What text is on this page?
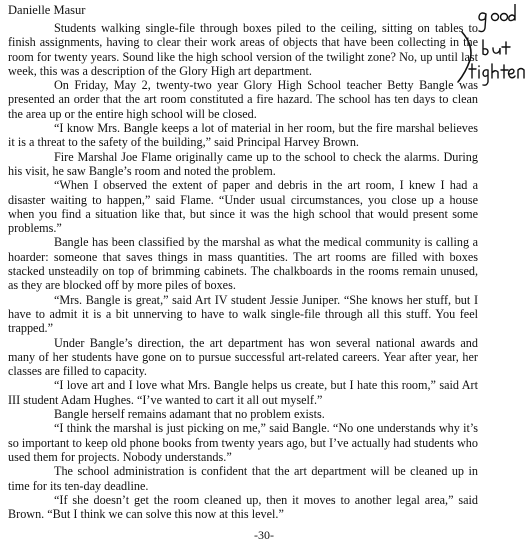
Danielle Masur

Students walking single-file through boxes piled to the ceiling, sitting on tables to finish assignments, having to clear their work areas of objects that have been collecting in the room for twenty years. Sound like the high school version of the twilight zone? No, up until last week, this was a description of the Glory High art department.

On Friday, May 2, twenty-two year Glory High School teacher Betty Bangle was presented an order that the art room constituted a fire hazard. The school has ten days to clean the area up or the entire high school will be closed.

“I know Mrs. Bangle keeps a lot of material in her room, but the fire marshal believes it is a threat to the safety of the building,” said Principal Harvey Brown.

Fire Marshal Joe Flame originally came up to the school to check the alarms. During his visit, he saw Bangle’s room and noted the problem.

“When I observed the extent of paper and debris in the art room, I knew I had a disaster waiting to happen,” said Flame. “Under usual circumstances, you close up a house when you find a situation like that, but since it was the high school that would present some problems.”

Bangle has been classified by the marshal as what the medical community is calling a hoarder: someone that saves things in mass quantities. The art rooms are filled with boxes stacked unsteadily on top of brimming cabinets. The chalkboards in the rooms remain unused, as they are blocked off by more piles of boxes.

“Mrs. Bangle is great,” said Art IV student Jessie Juniper. “She knows her stuff, but I have to admit it is a bit unnerving to have to walk single-file through all this stuff. You feel trapped.”

Under Bangle’s direction, the art department has won several national awards and many of her students have gone on to pursue successful art-related careers. Year after year, her classes are filled to capacity.

“I love art and I love what Mrs. Bangle helps us create, but I hate this room,” said Art III student Adam Hughes. “I’ve wanted to cart it all out myself.”

Bangle herself remains adamant that no problem exists.

“I think the marshal is just picking on me,” said Bangle. “No one understands why it’s so important to keep old phone books from twenty years ago, but I’ve actually had students who used them for projects. Nobody understands.”

The school administration is confident that the art department will be cleaned up in time for its ten-day deadline.

“If she doesn’t get the room cleaned up, then it moves to another legal area,” said Brown. “But I think we can solve this now at this level.”

-30-
